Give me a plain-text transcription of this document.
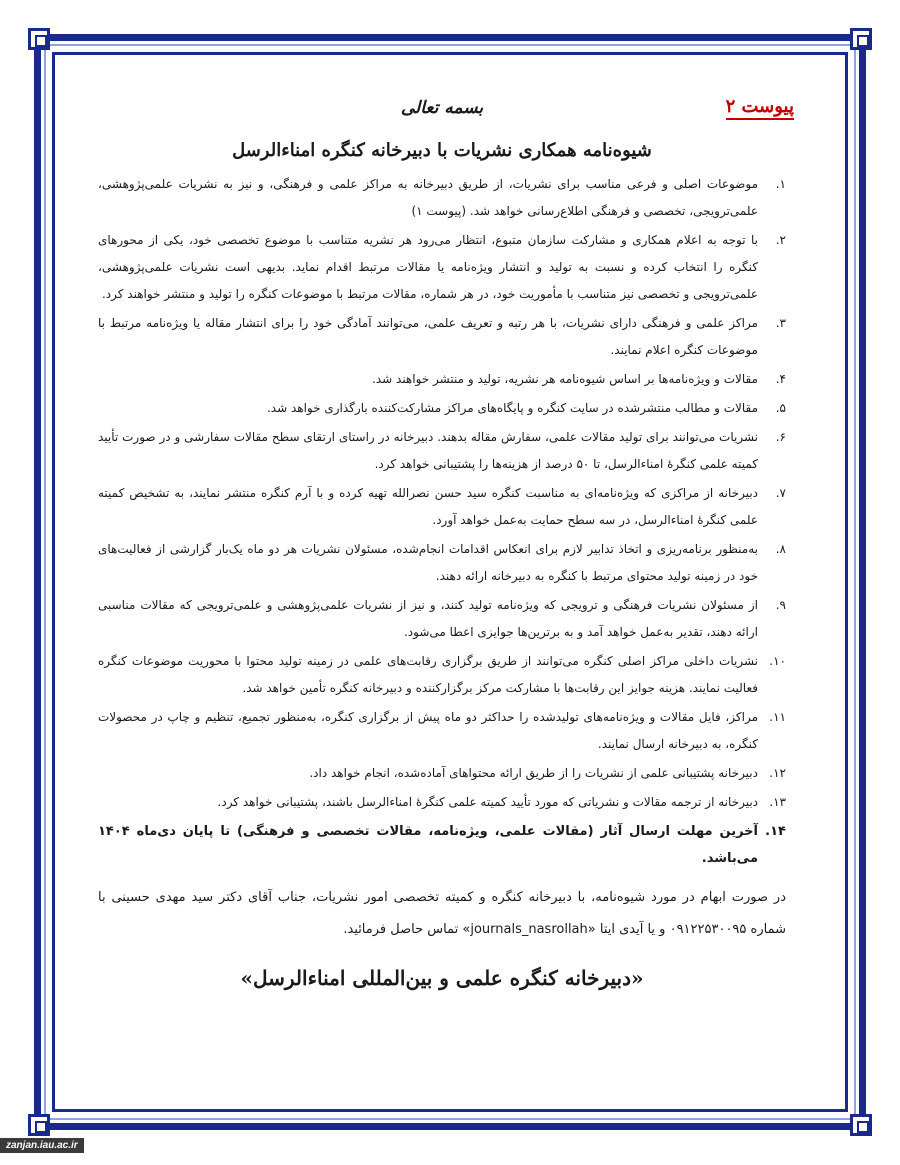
پیوست ۲
بسمه تعالی
شیوه‌نامه همکاری نشریات با دبیرخانه کنگره امناءالرسل
۱.
موضوعات اصلی و فرعی مناسب برای نشریات، از طریق دبیرخانه به مراکز علمی و فرهنگی، و نیز به نشریات علمی‌پژوهشی، علمی‌ترویجی، تخصصی و فرهنگی اطلاع‌رسانی خواهد شد. (پیوست ۱)
۲.
با توجه به اعلام همکاری و مشارکت سازمان متبوع، انتظار می‌رود هر نشریه متناسب با موضوع تخصصی خود، یکی از محورهای کنگره را انتخاب کرده و نسبت به تولید و انتشار ویژه‌نامه یا مقالات مرتبط اقدام نماید. بدیهی است نشریات علمی‌پژوهشی، علمی‌ترویجی و تخصصی نیز متناسب با مأموریت خود، در هر شماره، مقالات مرتبط با موضوعات کنگره را تولید و منتشر خواهند کرد.
۳.
مراکز علمی و فرهنگی دارای نشریات، با هر رتبه و تعریف علمی، می‌توانند آمادگی خود را برای انتشار مقاله یا ویژه‌نامه مرتبط با موضوعات کنگره اعلام نمایند.
۴.
مقالات و ویژه‌نامه‌ها بر اساس شیوه‌نامه هر نشریه، تولید و منتشر خواهند شد.
۵.
مقالات و مطالب منتشرشده در سایت کنگره و پایگاه‌های مراکز مشارکت‌کننده بارگذاری خواهد شد.
۶.
نشریات می‌توانند برای تولید مقالات علمی، سفارش مقاله بدهند. دبیرخانه در راستای ارتقای سطح مقالات سفارشی و در صورت تأیید کمیته علمی کنگرهٔ امناءالرسل، تا ۵۰ درصد از هزینه‌ها را پشتیبانی خواهد کرد.
۷.
دبیرخانه از مراکزی که ویژه‌نامه‌ای به مناسبت کنگره سید حسن نصرالله تهیه کرده و با آرم کنگره منتشر نمایند، به تشخیص کمیته علمی کنگرهٔ امناءالرسل، در سه سطح حمایت به‌عمل خواهد آورد.
۸.
به‌منظور برنامه‌ریزی و اتخاذ تدابیر لازم برای انعکاس اقدامات انجام‌شده، مسئولان نشریات هر دو ماه یک‌بار گزارشی از فعالیت‌های خود در زمینه تولید محتوای مرتبط با کنگره به دبیرخانه ارائه دهند.
۹.
از مسئولان نشریات فرهنگی و ترویجی که ویژه‌نامه تولید کنند، و نیز از نشریات علمی‌پژوهشی و علمی‌ترویجی که مقالات مناسبی ارائه دهند، تقدیر به‌عمل خواهد آمد و به برترین‌ها جوایزی اعطا می‌شود.
۱۰.
نشریات داخلی مراکز اصلی کنگره می‌توانند از طریق برگزاری رقابت‌های علمی در زمینه تولید محتوا با محوریت موضوعات کنگره فعالیت نمایند. هزینه جوایز این رقابت‌ها با مشارکت مرکز برگزارکننده و دبیرخانه کنگره تأمین خواهد شد.
۱۱.
مراکز، فایل مقالات و ویژه‌نامه‌های تولیدشده را حداکثر دو ماه پیش از برگزاری کنگره، به‌منظور تجمیع، تنظیم و چاپ در محصولات کنگره، به دبیرخانه ارسال نمایند.
۱۲.
دبیرخانه پشتیبانی علمی از نشریات را از طریق ارائه محتواهای آماده‌شده، انجام خواهد داد.
۱۳.
دبیرخانه از ترجمه مقالات و نشریاتی که مورد تأیید کمیته علمی کنگرهٔ امناءالرسل باشند، پشتیبانی خواهد کرد.
۱۴.
آخرین مهلت ارسال آثار (مقالات علمی، ویژه‌نامه، مقالات تخصصی و فرهنگی) تا پایان دی‌ماه ۱۴۰۴ می‌باشد.

در صورت ابهام در مورد شیوه‌نامه، با دبیرخانه کنگره و کمیته تخصصی امور نشریات، جناب آقای دکتر سید مهدی حسینی با شماره ۰۹۱۲۲۵۳۰۰۹۵ و یا آیدی ایتا «journals_nasrollah» تماس حاصل فرمائید.

«دبیرخانه کنگره علمی و بین‌المللی امناءالرسل»
zanjan.iau.ac.ir
